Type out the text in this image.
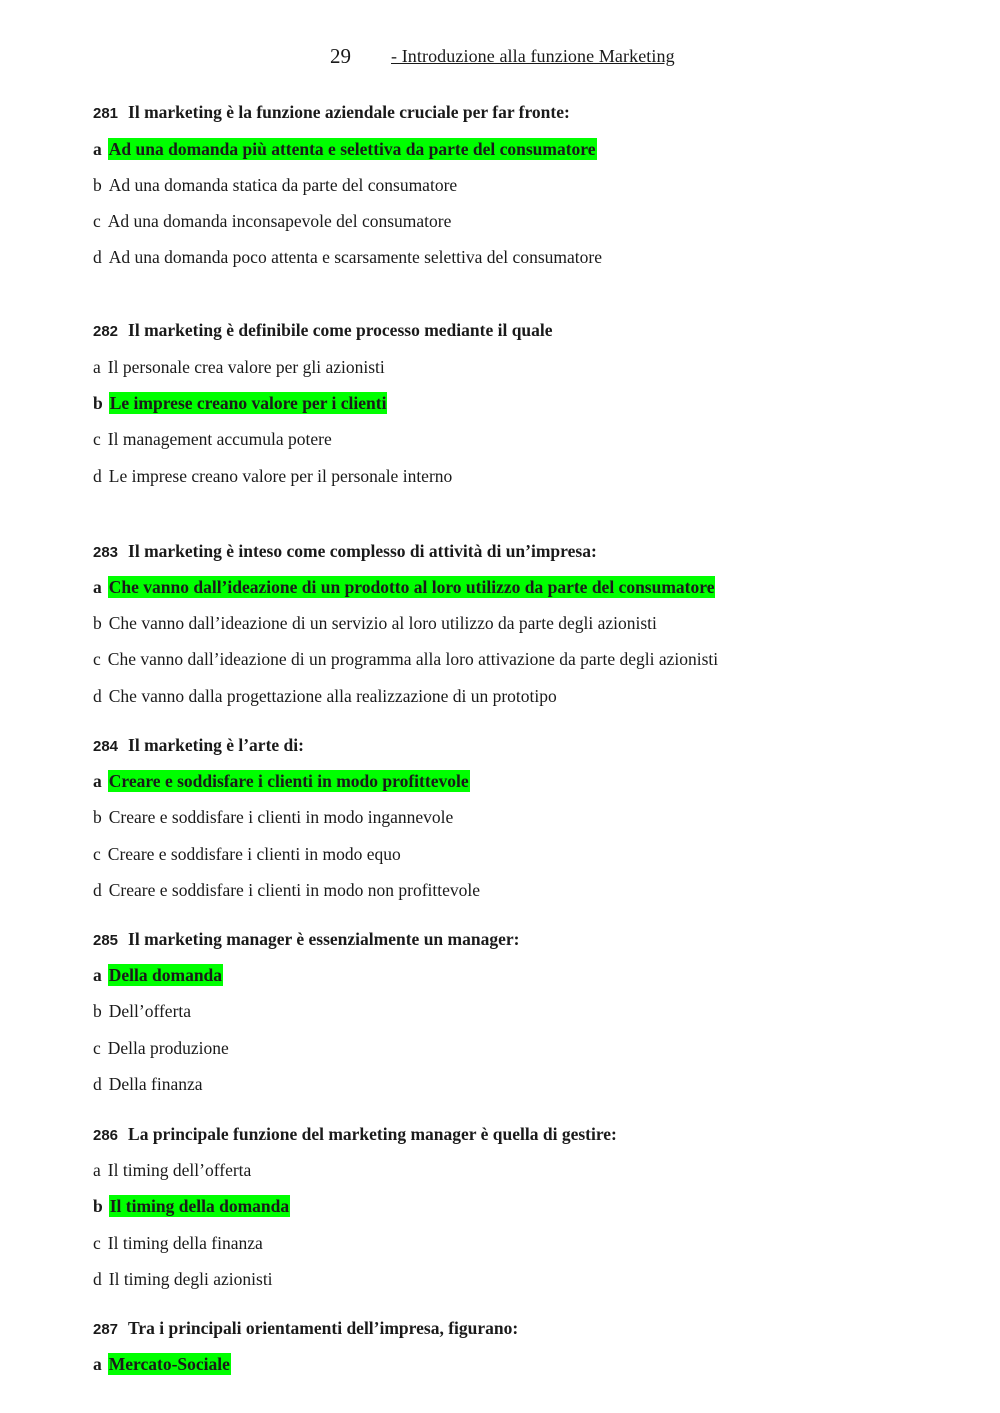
29 - Introduzione alla funzione Marketing
281 Il marketing è la funzione aziendale cruciale per far fronte:
a Ad una domanda più attenta e selettiva da parte del consumatore
b Ad una domanda statica da parte del consumatore
c Ad una domanda inconsapevole del consumatore
d Ad una domanda poco attenta e scarsamente selettiva del consumatore
282 Il marketing è definibile come processo mediante il quale
a Il personale crea valore per gli azionisti
b Le imprese creano valore per i clienti
c Il management accumula potere
d Le imprese creano valore per il personale interno
283 Il marketing è inteso come complesso di attività di un’impresa:
a Che vanno dall’ideazione di un prodotto al loro utilizzo da parte del consumatore
b Che vanno dall’ideazione di un servizio al loro utilizzo da parte degli azionisti
c Che vanno dall’ideazione di un programma alla loro attivazione da parte degli azionisti
d Che vanno dalla progettazione alla realizzazione di un prototipo
284 Il marketing è l’arte di:
a Creare e soddisfare i clienti in modo profittevole
b Creare e soddisfare i clienti in modo ingannevole
c Creare e soddisfare i clienti in modo equo
d Creare e soddisfare i clienti in modo non profittevole
285 Il marketing manager è essenzialmente un manager:
a Della domanda
b Dell’offerta
c Della produzione
d Della finanza
286 La principale funzione del marketing manager è quella di gestire:
a Il timing dell’offerta
b Il timing della domanda
c Il timing della finanza
d Il timing degli azionisti
287 Tra i principali orientamenti dell’impresa, figurano:
a Mercato-Sociale
